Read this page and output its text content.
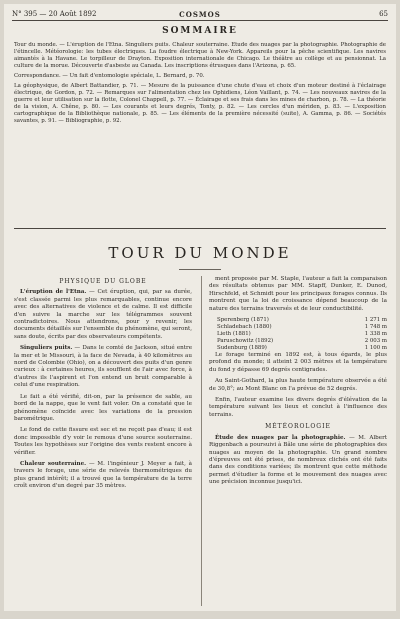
N° 395 — 20 Août 1892	COSMOS	65
SOMMAIRE

Tour du monde. — L'éruption de l'Etna. Singuliers puits. Chaleur souterraine. Étude des nuages par la photographie. Photographie de l'étincelle. Météorologie: les tubes électriques. La foudre électrique à New-York. Appareils pour la pêche scientifique. Les navires aimantés à la Havane. Le torpilleur de Drayton. Exposition internationale de Chicago. Le théâtre au collège et au pensionnat. La culture de la morue. Découverte d'asbeste au Canada. Les inscriptions étrusques dans l'Arizona, p. 65.

Correspondance. — Un fait d'entomologie spéciale, L. Bernard, p. 70.

La géophysique, de Albert Battandier, p. 71. — Mesure de la puissance d'une chute d'eau et choix d'un moteur destiné à l'éclairage électrique, de Gordon, p. 72. — Remarques sur l'alimentation chez les Ophidiens, Léon Vaillant, p. 74. — Les nouveaux navires de la guerre et leur utilisation sur la flotte, Colonel Chappell, p. 77. — Éclairage et ses frais dans les mines de charbon, p. 78. — La théorie de la vision, A. Chêne, p. 80. — Les courants et leurs degrés, Tonty, p. 82. — Les cercles d'un mériden, p. 83. — L'exposition cartographique de la Bibliothèque nationale, p. 85. — Les éléments de la première nécessité (suite), A. Gamma, p. 86. — Sociétés savantes, p. 91. — Bibliographie, p. 92.

TOUR DU MONDE
PHYSIQUE DU GLOBE

L'éruption de l'Etna. — Cet éruption, qui, par sa durée, s'est classée parmi les plus remarquables, continue encore avec des alternatives de violence et de calme. Il est difficile d'en suivre la marche sur les télégrammes souvent contradictoires. Nous attendrons, pour y revenir, les documents détaillés sur l'ensemble du phénomène, qui seront, sans doute, écrits par des observateurs compétents.

Singuliers puits. — Dans le comté de Jackson, situé entre la mer et le Missouri, à la face de Nevada, à 40 kilomètres au nord de Colombie (Ohio), on a découvert des puits d'un genre curieux : à certaines heures, ils soufflent de l'air avec force, à d'autres ils l'aspirent et l'on entend un bruit comparable à celui d'une respiration.

Le fait a été vérifié, dit-on, par la présence de sable, au bord de la nappe, que le vent fait voler. On a constaté que le phénomène coïncide avec les variations de la pression barométrique.

Le fond de cette fissure est sec et ne reçoit pas d'eau; il est donc impossible d'y voir le remous d'une source souterraine. Toutes les hypothèses sur l'origine des vents restent encore à vérifier.

Chaleur souterraine. — M. l'ingénieur J. Meyer a fait, à travers le forage, une série de relevés thermométriques du plus grand intérêt; il a trouvé que la température de la terre croît environ d'un degré par 35 mètres.

ment proposée par M. Staple, l'auteur a fait la comparaison des résultats obtenus par MM. Stapff, Dunker, E. Dunod, Hirschfeld, et Schmidt pour les principaux forages connus. Ils montrent que la loi de croissance dépend beaucoup de la nature des terrains traversés et de leur conductibilité.

Sperenberg (1871)	1 271 m
Schladebach (1880)	1 748 m
Lieth (1881)	1 338 m
Paruschowitz (1892)	2 003 m
Sudenburg (1889)	1 100 m

Le forage terminé en 1892 est, à tous égards, le plus profond du monde; il atteint 2 003 mètres et la température du fond y dépasse 69 degrés centigrades.

Au Saint-Gothard, la plus haute température observée a été de 30,8°; au Mont Blanc on l'a prévue de 52 degrés.

Enfin, l'auteur examine les divers degrés d'élévation de la température suivant les lieux et conclut à l'influence des terrains.

MÉTÉOROLOGIE

Étude des nuages par la photographie. — M. Albert Riggenbach a poursuivi à Bâle une série de photographies des nuages au moyen de la photographie. Un grand nombre d'épreuves ont été prises, de nombreux clichés ont été faits dans des conditions variées; ils montrent que cette méthode permet d'étudier la forme et le mouvement des nuages avec une précision inconnue jusqu'ici.
